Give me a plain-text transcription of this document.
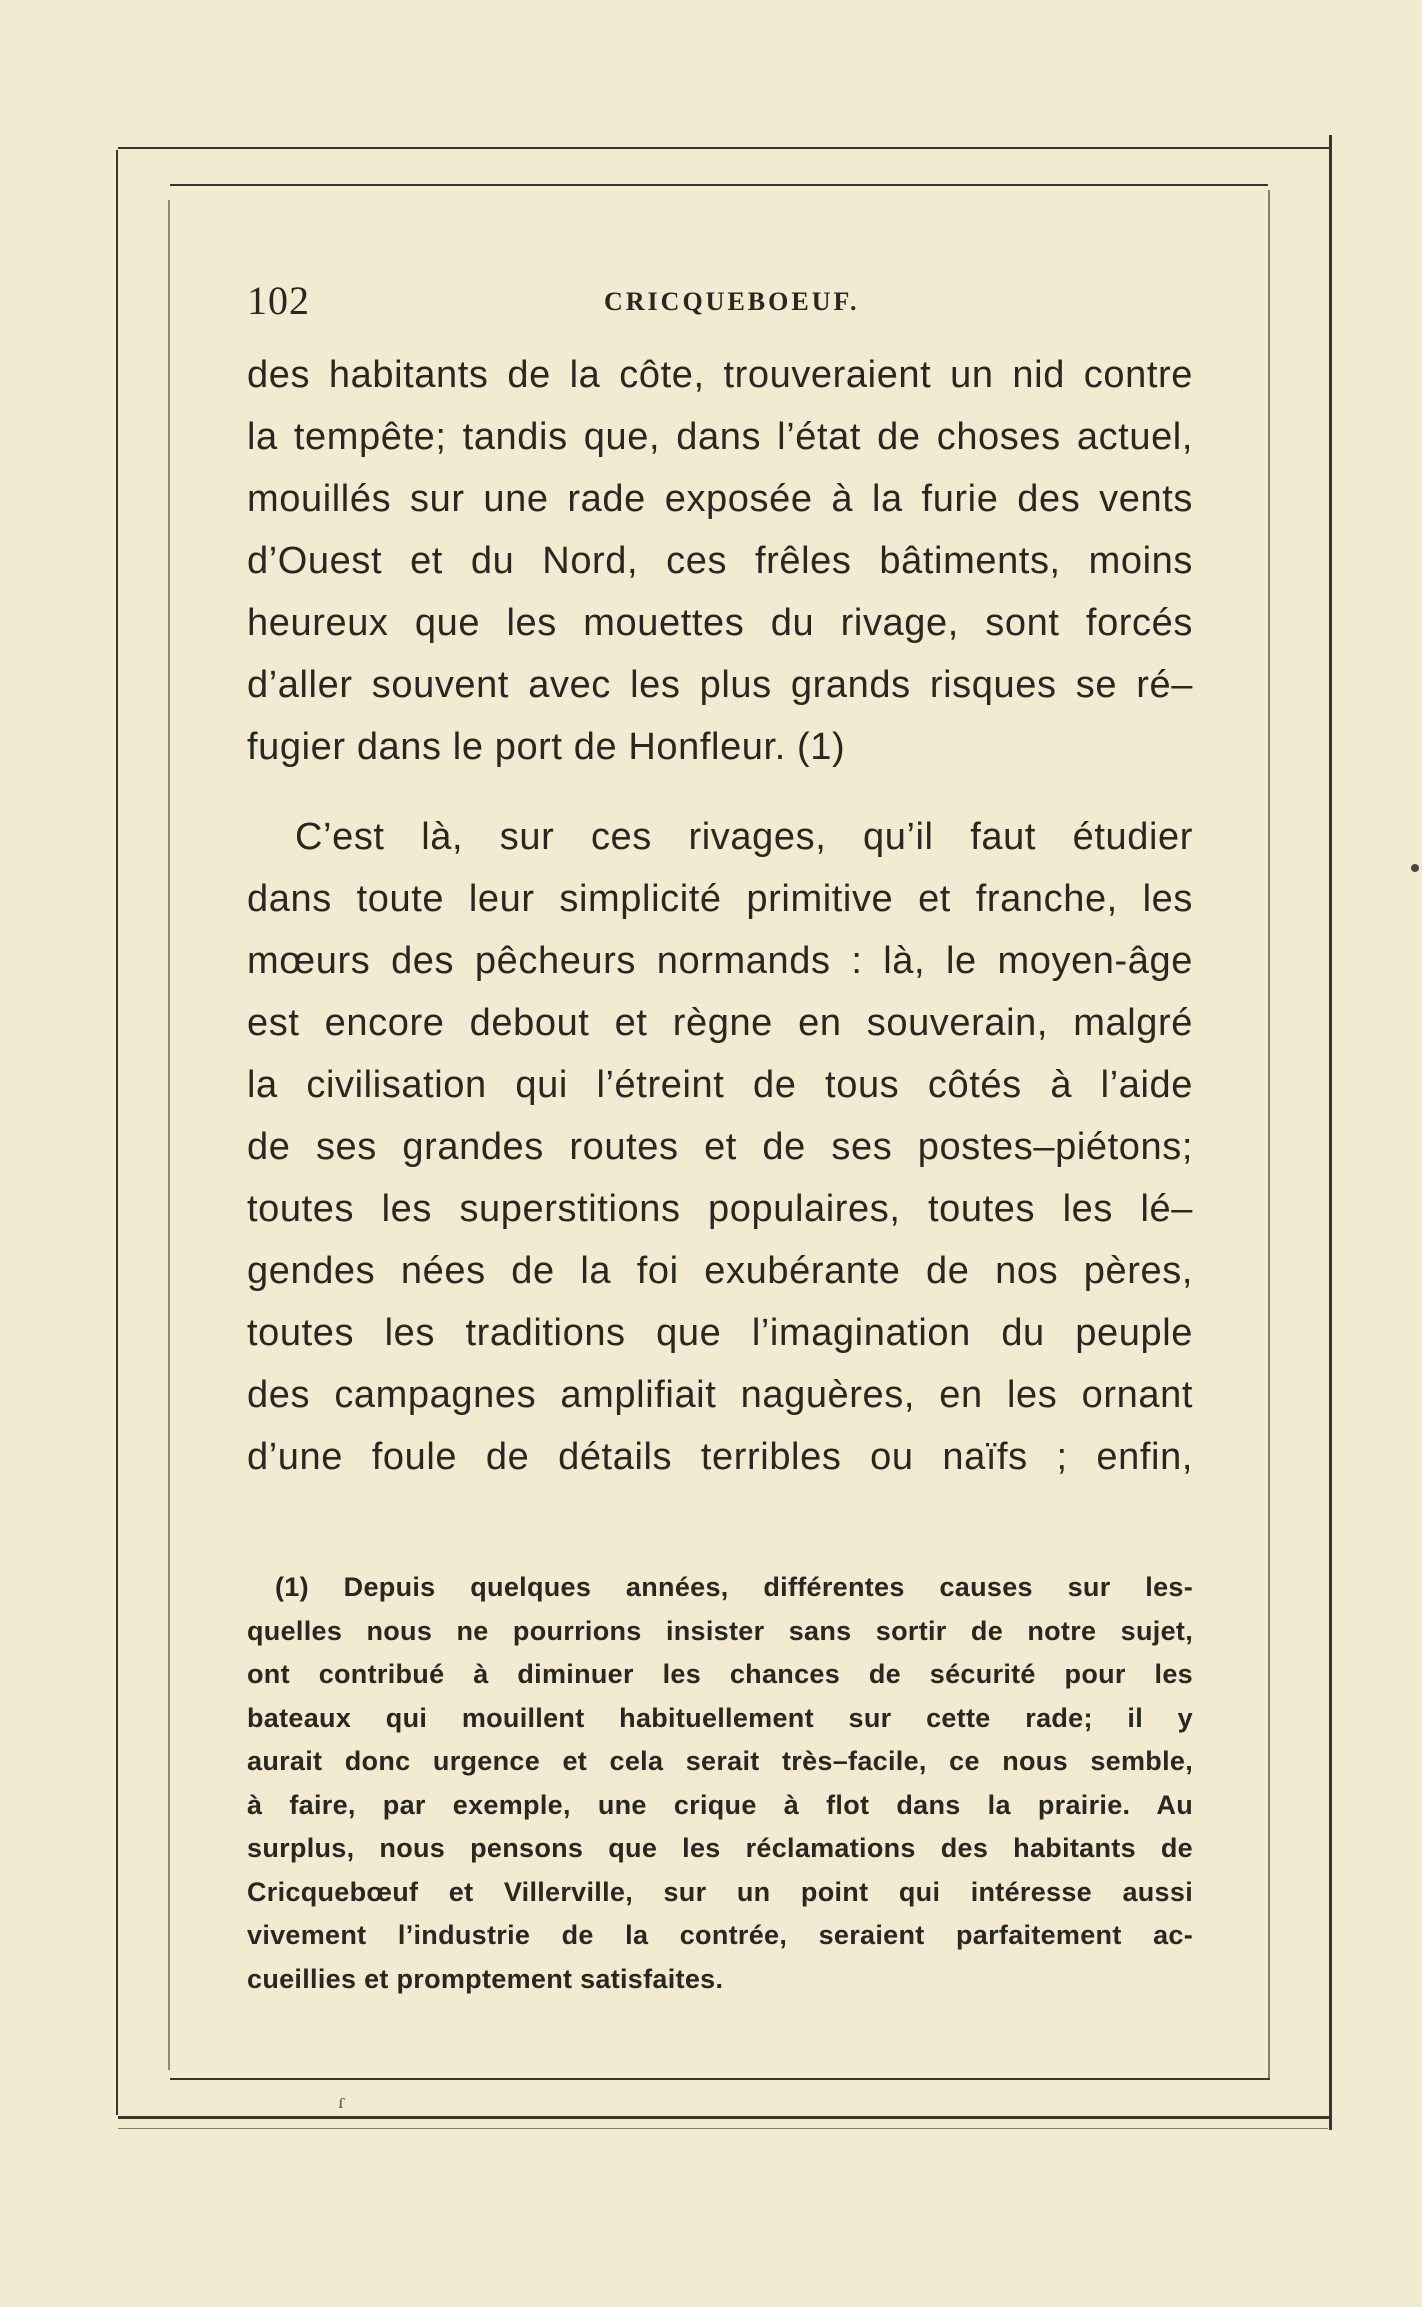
102	CRICQUEBOEUF.
des habitants de la côte, trouveraient un nid contre
la tempête; tandis que, dans l’état de choses actuel,
mouillés sur une rade exposée à la furie des vents
d’Ouest et du Nord, ces frêles bâtiments, moins
heureux que les mouettes du rivage, sont forcés
d’aller souvent avec les plus grands risques se ré–
fugier dans le port de Honfleur. (1)
C’est là, sur ces rivages, qu’il faut étudier
dans toute leur simplicité primitive et franche, les
mœurs des pêcheurs normands : là, le moyen-âge
est encore debout et règne en souverain, malgré
la civilisation qui l’étreint de tous côtés à l’aide
de ses grandes routes et de ses postes–piétons;
toutes les superstitions populaires, toutes les lé–
gendes nées de la foi exubérante de nos pères,
toutes les traditions que l’imagination du peuple
des campagnes amplifiait naguères, en les ornant
d’une foule de détails terribles ou naïfs ; enfin,
(1) Depuis quelques années, différentes causes sur les-
quelles nous ne pourrions insister sans sortir de notre sujet,
ont contribué à diminuer les chances de sécurité pour les
bateaux qui mouillent habituellement sur cette rade; il y
aurait donc urgence et cela serait très–facile, ce nous semble,
à faire, par exemple, une crique à flot dans la prairie. Au
surplus, nous pensons que les réclamations des habitants de
Cricquebœuf et Villerville, sur un point qui intéresse aussi
vivement l’industrie de la contrée, seraient parfaitement ac-
cueillies et promptement satisfaites.
ɾ
